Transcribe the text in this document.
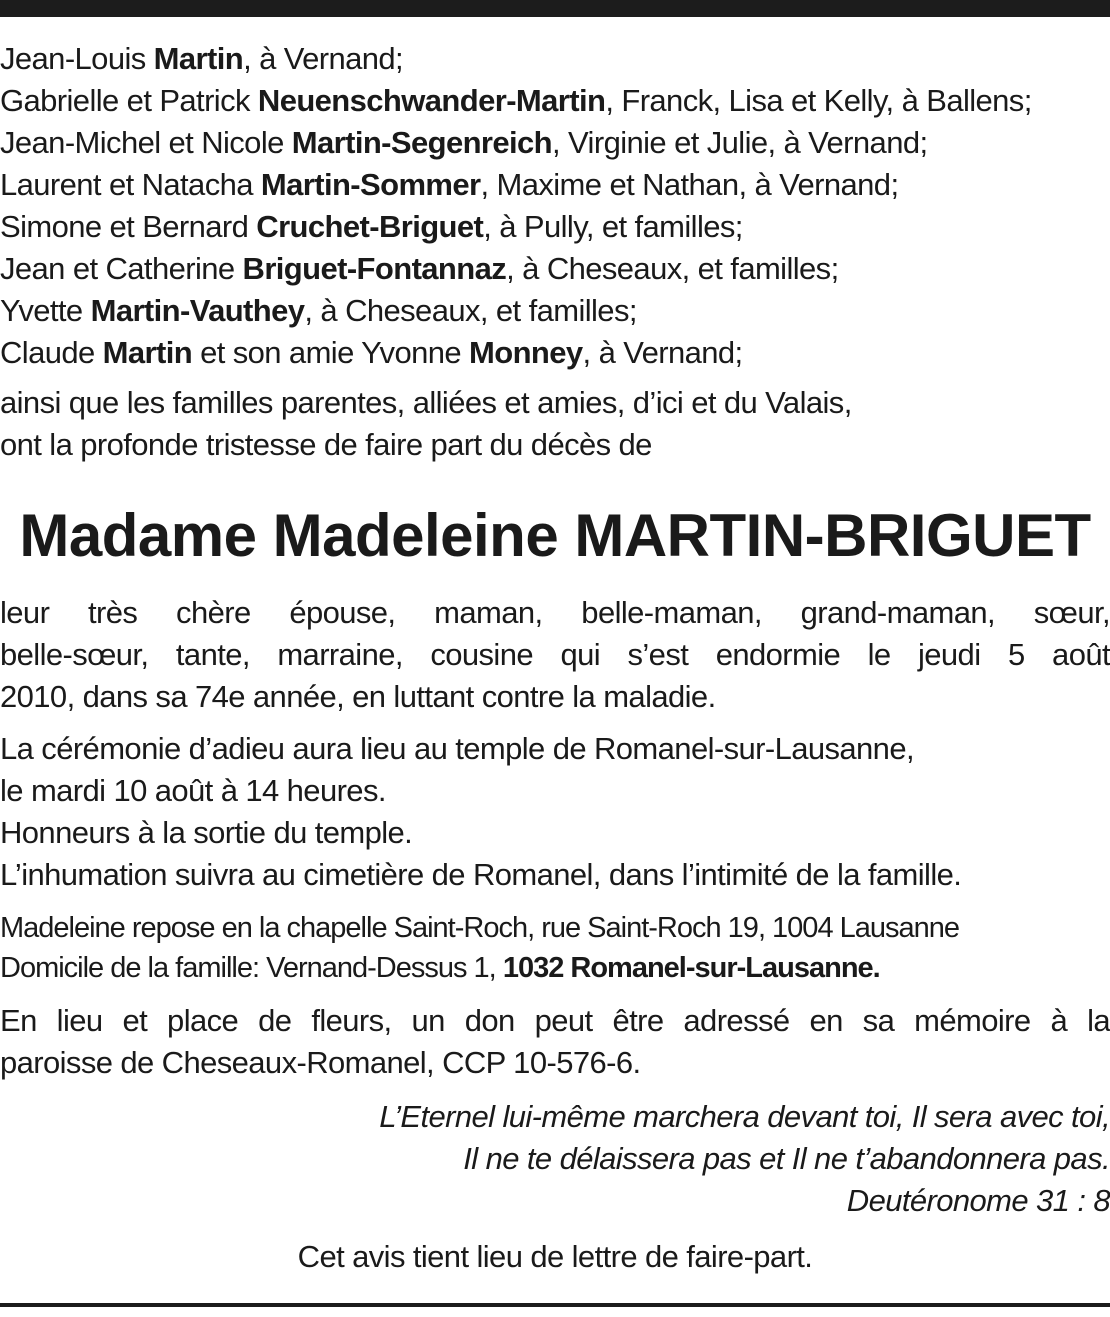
Jean-Louis Martin, à Vernand;

Gabrielle et Patrick Neuenschwander-Martin, Franck, Lisa et Kelly, à Ballens;

Jean-Michel et Nicole Martin-Segenreich, Virginie et Julie, à Vernand;

Laurent et Natacha Martin-Sommer, Maxime et Nathan, à Vernand;

Simone et Bernard Cruchet-Briguet, à Pully, et familles;

Jean et Catherine Briguet-Fontannaz, à Cheseaux, et familles;

Yvette Martin-Vauthey, à Cheseaux, et familles;

Claude Martin et son amie Yvonne Monney, à Vernand;

ainsi que les familles parentes, alliées et amies, d’ici et du Valais,
ont la profonde tristesse de faire part du décès de
Madame Madeleine MARTIN-BRIGUET
leur très chère épouse, maman, belle-maman, grand-maman, sœur,
belle-sœur, tante, marraine, cousine qui s’est endormie le jeudi 5 août
2010, dans sa 74e année, en luttant contre la maladie.
La cérémonie d’adieu aura lieu au temple de Romanel-sur-Lausanne,
le mardi 10 août à 14 heures.
Honneurs à la sortie du temple.
L’inhumation suivra au cimetière de Romanel, dans l’intimité de la famille.
Madeleine repose en la chapelle Saint-Roch, rue Saint-Roch 19, 1004 Lausanne
Domicile de la famille: Vernand-Dessus 1, 1032 Romanel-sur-Lausanne.
En lieu et place de fleurs, un don peut être adressé en sa mémoire à la
paroisse de Cheseaux-Romanel, CCP 10-576-6.
L’Eternel lui-même marchera devant toi, Il sera avec toi,
Il ne te délaissera pas et Il ne t’abandonnera pas.
Deutéronome 31 : 8
Cet avis tient lieu de lettre de faire-part.
